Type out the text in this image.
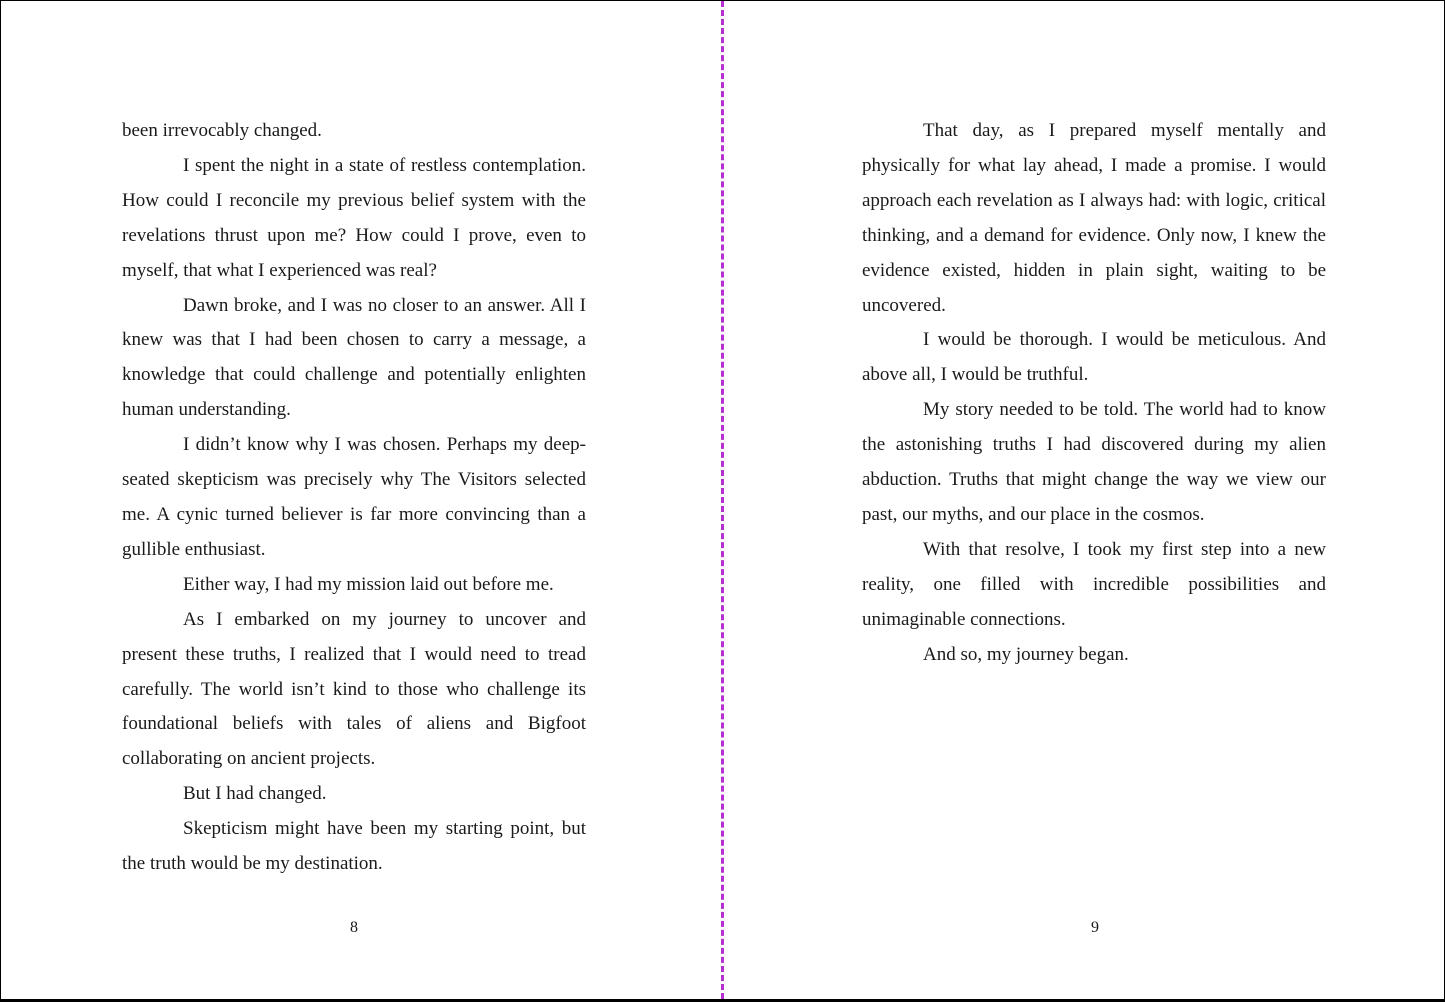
been irrevocably changed.

I spent the night in a state of restless contemplation. How could I reconcile my previous belief system with the revelations thrust upon me? How could I prove, even to myself, that what I experienced was real?

Dawn broke, and I was no closer to an answer. All I knew was that I had been chosen to carry a message, a knowledge that could challenge and potentially enlighten human understanding.

I didn’t know why I was chosen. Perhaps my deep-seated skepticism was precisely why The Visitors selected me. A cynic turned believer is far more convincing than a gullible enthusiast.

Either way, I had my mission laid out before me.

As I embarked on my journey to uncover and present these truths, I realized that I would need to tread carefully. The world isn’t kind to those who challenge its foundational beliefs with tales of aliens and Bigfoot collaborating on ancient projects.

But I had changed.

Skepticism might have been my starting point, but the truth would be my destination.

8

That day, as I prepared myself mentally and physically for what lay ahead, I made a promise. I would approach each revelation as I always had: with logic, critical thinking, and a demand for evidence. Only now, I knew the evidence existed, hidden in plain sight, waiting to be uncovered.

I would be thorough. I would be meticulous. And above all, I would be truthful.

My story needed to be told. The world had to know the astonishing truths I had discovered during my alien abduction. Truths that might change the way we view our past, our myths, and our place in the cosmos.

With that resolve, I took my first step into a new reality, one filled with incredible possibilities and unimaginable connections.

And so, my journey began.

9
